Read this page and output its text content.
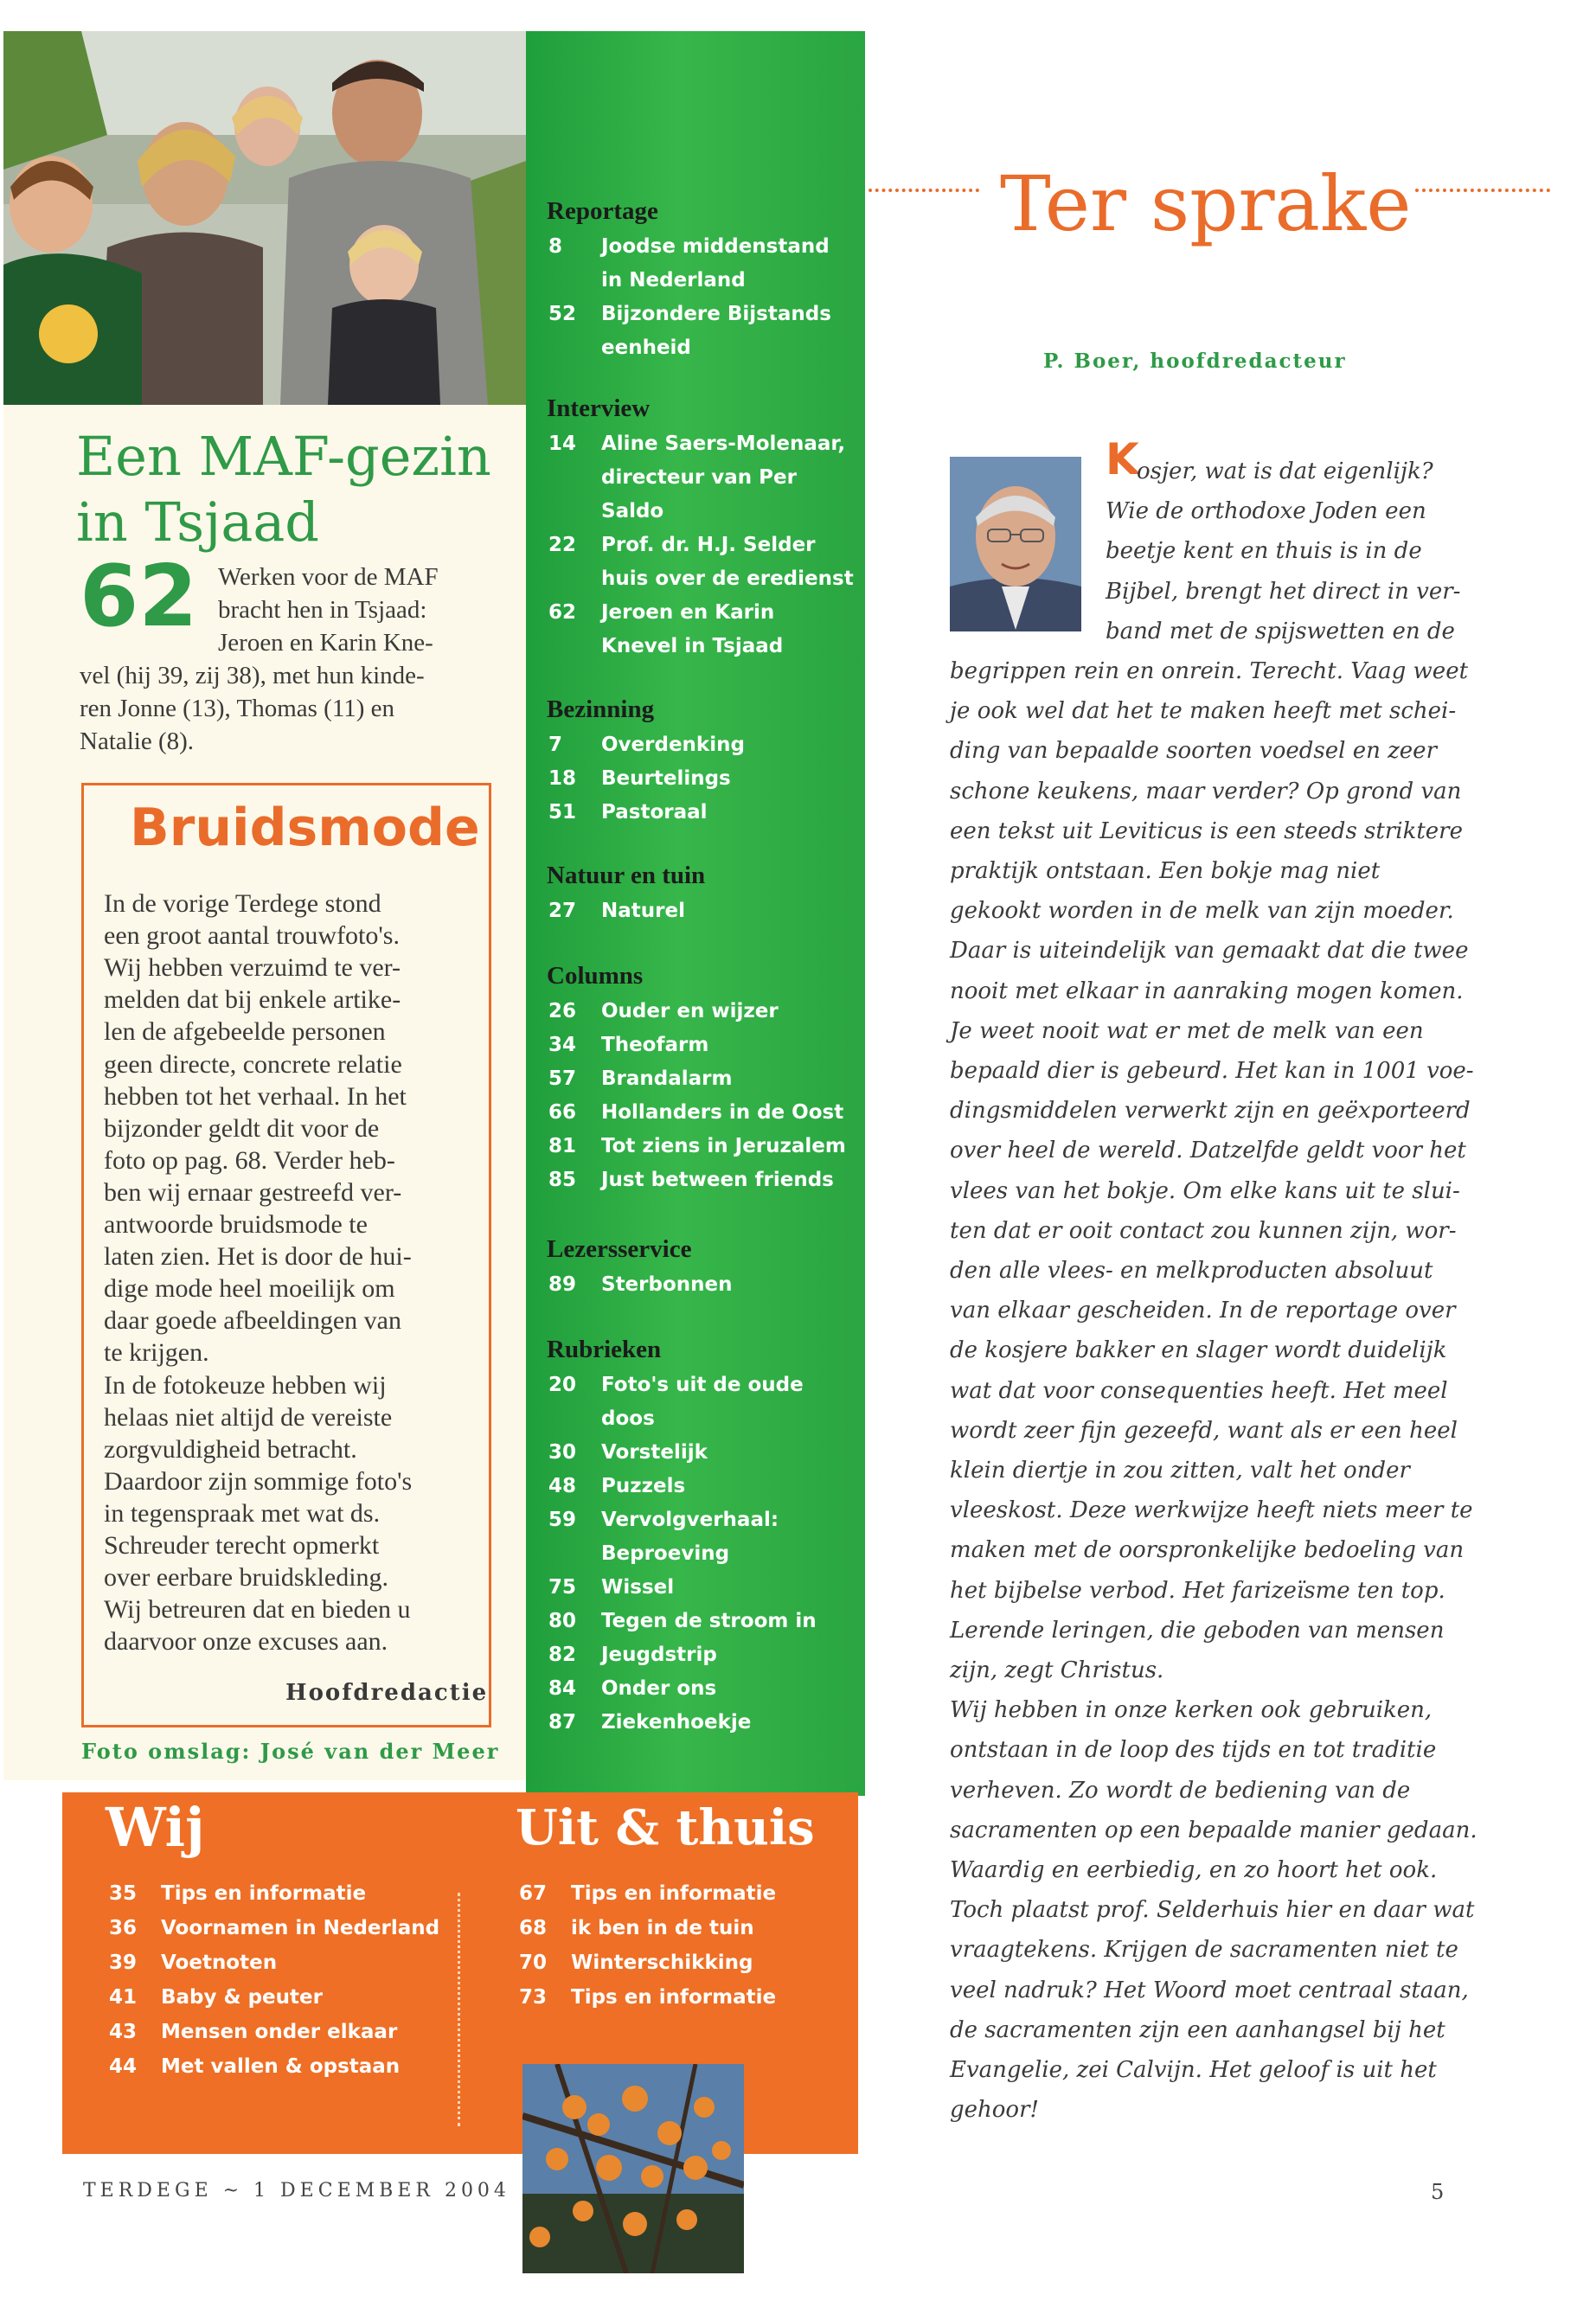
Een MAF-gezin
in Tsjaad
62 Werken voor de MAF
bracht hen in Tsjaad:
Jeroen en Karin Kne-
vel (hij 39, zij 38), met hun kinde-
ren Jonne (13), Thomas (11) en
Natalie (8).
Bruidsmode
In de vorige Terdege stond
een groot aantal trouwfoto's.
Wij hebben verzuimd te ver-
melden dat bij enkele artike-
len de afgebeelde personen
geen directe, concrete relatie
hebben tot het verhaal. In het
bijzonder geldt dit voor de
foto op pag. 68. Verder heb-
ben wij ernaar gestreefd ver-
antwoorde bruidsmode te
laten zien. Het is door de hui-
dige mode heel moeilijk om
daar goede afbeeldingen van
te krijgen.
In de fotokeuze hebben wij
helaas niet altijd de vereiste
zorgvuldigheid betracht.
Daardoor zijn sommige foto's
in tegenspraak met wat ds.
Schreuder terecht opmerkt
over eerbare bruidskleding.
Wij betreuren dat en bieden u
daarvoor onze excuses aan.
Hoofdredactie
Foto omslag: José van der Meer
Reportage
8 Joodse middenstand
in Nederland
52 Bijzondere Bijstands
eenheid
Interview
14 Aline Saers-Molenaar,
directeur van Per
Saldo
22 Prof. dr. H.J. Selder
huis over de eredienst
62 Jeroen en Karin
Knevel in Tsjaad
Bezinning
7 Overdenking
18 Beurtelings
51 Pastoraal
Natuur en tuin
27 Naturel
Columns
26 Ouder en wijzer
34 Theofarm
57 Brandalarm
66 Hollanders in de Oost
81 Tot ziens in Jeruzalem
85 Just between friends
Lezersservice
89 Sterbonnen
Rubrieken
20 Foto's uit de oude
doos
30 Vorstelijk
48 Puzzels
59 Vervolgverhaal:
Beproeving
75 Wissel
80 Tegen de stroom in
82 Jeugdstrip
84 Onder ons
87 Ziekenhoekje
Wij	Uit & thuis
35 Tips en informatie
36 Voornamen in Nederland
39 Voetnoten
41 Baby & peuter
43 Mensen onder elkaar
44 Met vallen & opstaan
67 Tips en informatie
68 ik ben in de tuin
70 Winterschikking
73 Tips en informatie
TERDEGE ~ 1 DECEMBER 2004
Ter sprake
P. Boer, hoofdredacteur
K
osjer, wat is dat eigenlijk?
Wie de orthodoxe Joden een
beetje kent en thuis is in de
Bijbel, brengt het direct in ver-
band met de spijswetten en de
begrippen rein en onrein. Terecht. Vaag weet
je ook wel dat het te maken heeft met schei-
ding van bepaalde soorten voedsel en zeer
schone keukens, maar verder? Op grond van
een tekst uit Leviticus is een steeds striktere
praktijk ontstaan. Een bokje mag niet
gekookt worden in de melk van zijn moeder.
Daar is uiteindelijk van gemaakt dat die twee
nooit met elkaar in aanraking mogen komen.
Je weet nooit wat er met de melk van een
bepaald dier is gebeurd. Het kan in 1001 voe-
dingsmiddelen verwerkt zijn en geëxporteerd
over heel de wereld. Datzelfde geldt voor het
vlees van het bokje. Om elke kans uit te slui-
ten dat er ooit contact zou kunnen zijn, wor-
den alle vlees- en melkproducten absoluut
van elkaar gescheiden. In de reportage over
de kosjere bakker en slager wordt duidelijk
wat dat voor consequenties heeft. Het meel
wordt zeer fijn gezeefd, want als er een heel
klein diertje in zou zitten, valt het onder
vleeskost. Deze werkwijze heeft niets meer te
maken met de oorspronkelijke bedoeling van
het bijbelse verbod. Het farizeïsme ten top.
Lerende leringen, die geboden van mensen
zijn, zegt Christus.
Wij hebben in onze kerken ook gebruiken,
ontstaan in de loop des tijds en tot traditie
verheven. Zo wordt de bediening van de
sacramenten op een bepaalde manier gedaan.
Waardig en eerbiedig, en zo hoort het ook.
Toch plaatst prof. Selderhuis hier en daar wat
vraagtekens. Krijgen de sacramenten niet te
veel nadruk? Het Woord moet centraal staan,
de sacramenten zijn een aanhangsel bij het
Evangelie, zei Calvijn. Het geloof is uit het
gehoor!
5
